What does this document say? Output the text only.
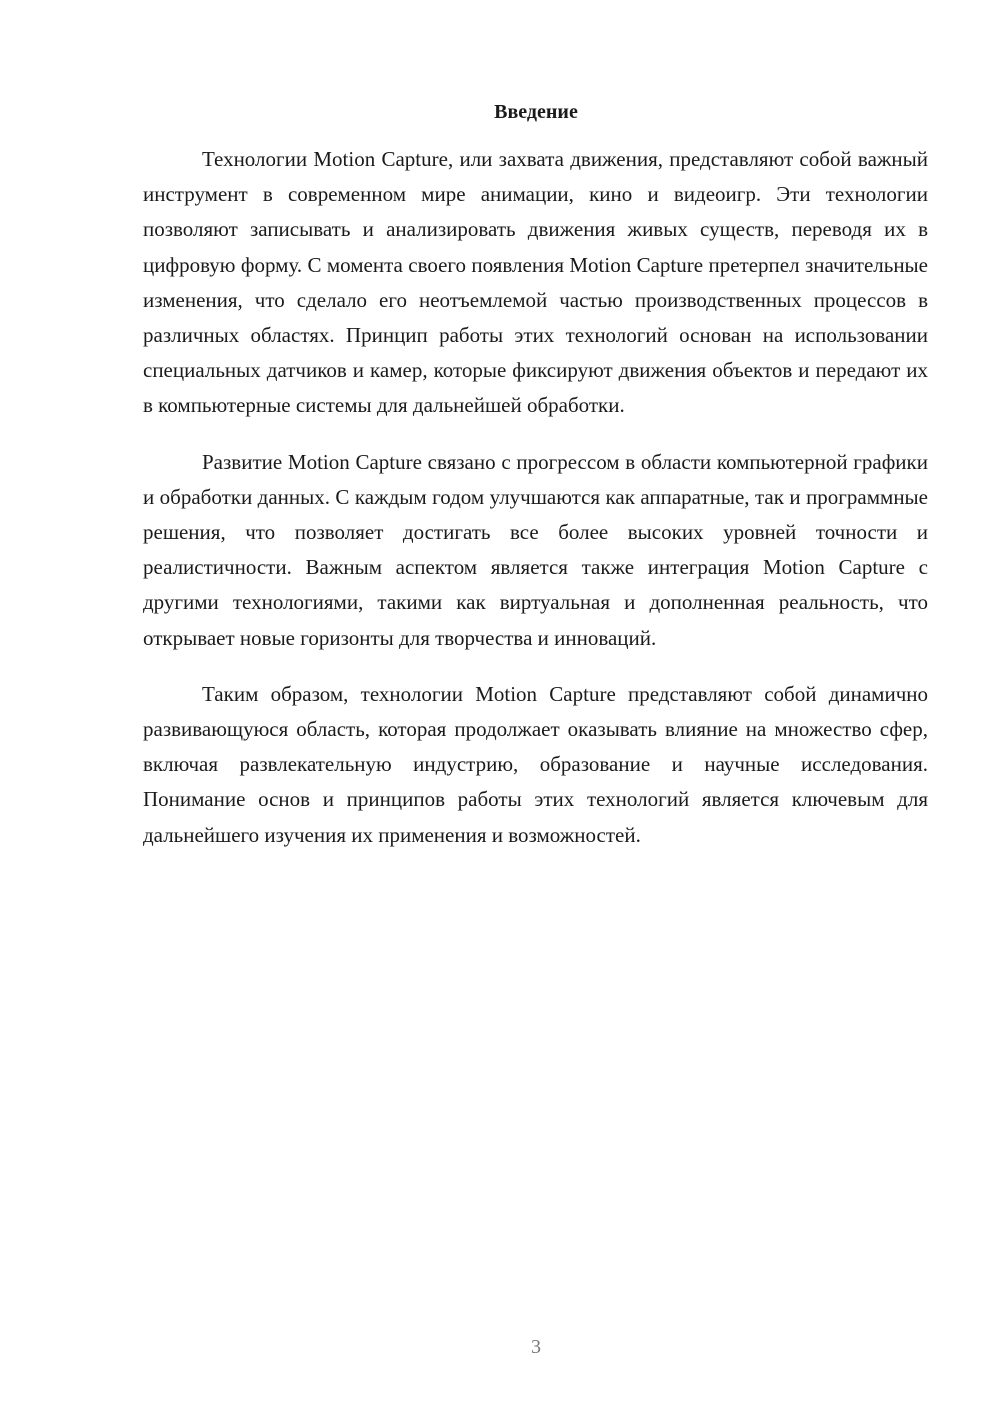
Введение

Технологии Motion Capture, или захвата движения, представляют собой важный инструмент в современном мире анимации, кино и видеоигр. Эти технологии позволяют записывать и анализировать движения живых существ, переводя их в цифровую форму. С момента своего появления Motion Capture претерпел значительные изменения, что сделало его неотъемлемой частью производственных процессов в различных областях. Принцип работы этих технологий основан на использовании специальных датчиков и камер, которые фиксируют движения объектов и передают их в компьютерные системы для дальнейшей обработки.

Развитие Motion Capture связано с прогрессом в области компьютерной графики и обработки данных. С каждым годом улучшаются как аппаратные, так и программные решения, что позволяет достигать все более высоких уровней точности и реалистичности. Важным аспектом является также интеграция Motion Capture с другими технологиями, такими как виртуальная и дополненная реальность, что открывает новые горизонты для творчества и инноваций.

Таким образом, технологии Motion Capture представляют собой динамично развивающуюся область, которая продолжает оказывать влияние на множество сфер, включая развлекательную индустрию, образование и научные исследования. Понимание основ и принципов работы этих технологий является ключевым для дальнейшего изучения их применения и возможностей.

3
